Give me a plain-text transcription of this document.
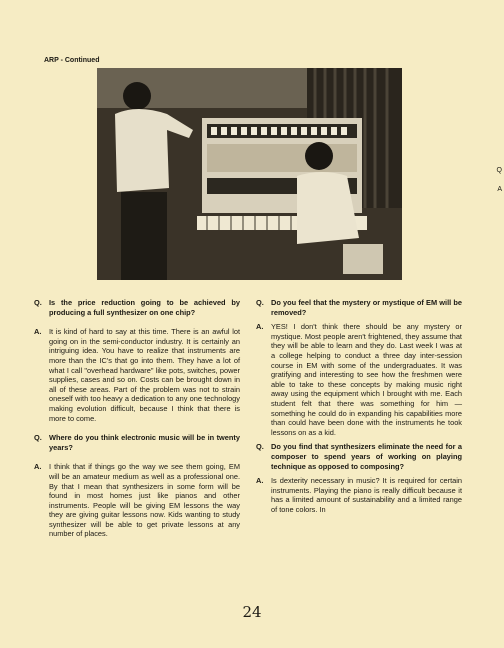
ARP - Continued
Q. Is the price reduction going to be achieved by producing a full synthesizer on one chip?
A.	It is kind of hard to say at this time. There is an awful lot going on in the semi-conductor industry. It is certainly an intriguing idea. You have to realize that instruments are more than the IC's that go into them. They have a lot of what I call "overhead hardware" like pots, switches, power supplies, cases and so on. Costs can be brought down in all of these areas. Part of the problem was not to strain oneself with too heavy a dedication to any one technology making evolution difficult, because I think that there is more to come.
Q. Where do you think electronic music will be in twenty years?
A.	I think that if things go the way we see them going, EM will be an amateur medium as well as a professional one. By that I mean that synthesizers in some form will be found in most homes just like pianos and other instruments. People will be giving EM lessons the way they are giving guitar lessons now. Kids wanting to study synthesizer will be able to get private lessons at any number of places.
Q. Do you feel that the mystery or mystique of EM will be removed?
A.	YES! I don't think there should be any mystery or mystique. Most people aren't frightened, they assume that they will be able to learn and they do. Last week I was at a college helping to conduct a three day inter-session course in EM with some of the undergraduates. It was gratifying and interesting to see how the freshmen were able to take to these concepts by making music right away using the equipment which I brought with me. Each student felt that there was something for him — something he could do in expanding his capabilities more than could have been done with the instruments he took lessons on as a kid.
Q. Do you find that synthesizers eliminate the need for a composer to spend years of working on playing technique as opposed to composing?
A.	Is dexterity necessary in music? It is required for certain instruments. Playing the piano is really difficult because it has a limited amount of sustainability and a limited range of tone colors. In
24
Q
A
